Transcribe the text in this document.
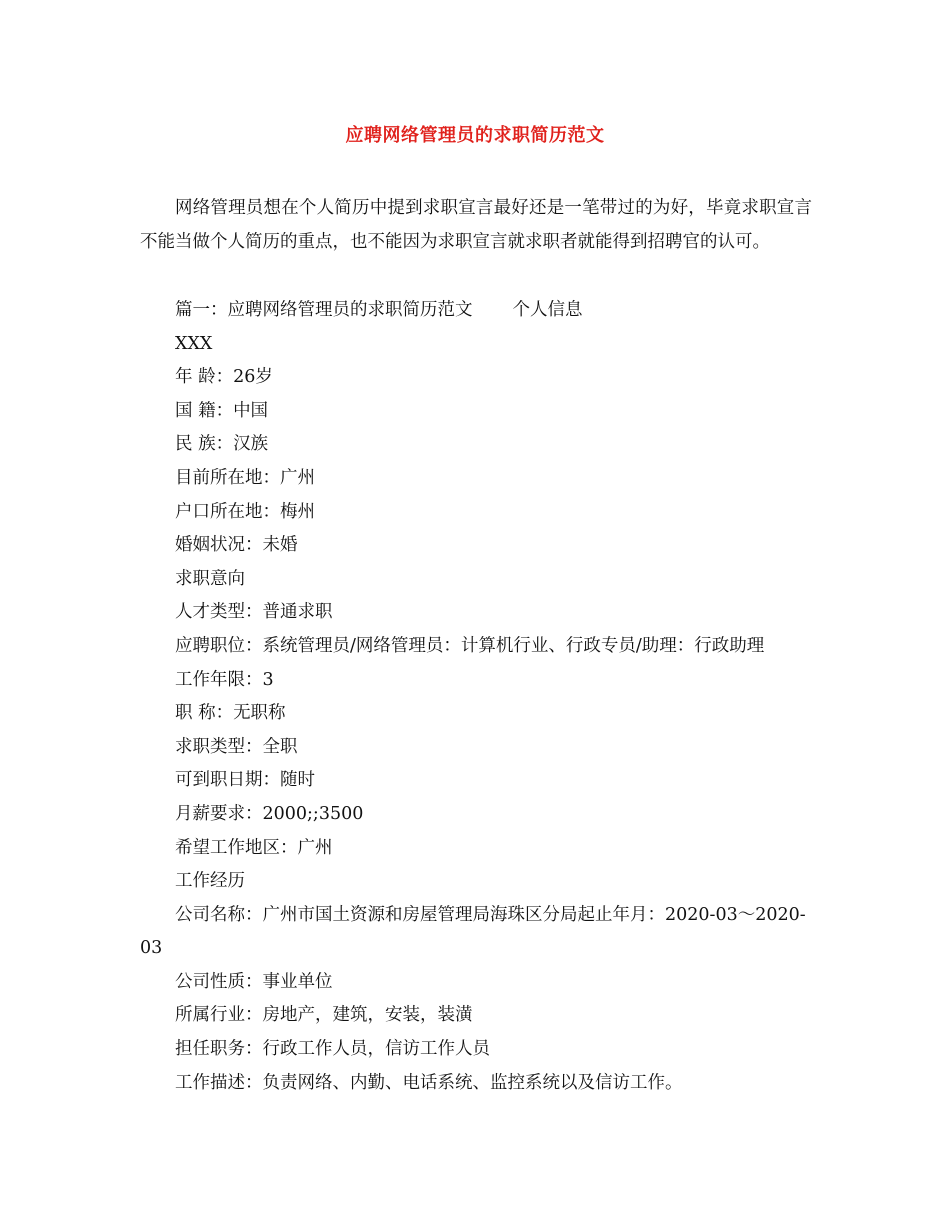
应聘网络管理员的求职简历范文

网络管理员想在个人简历中提到求职宣言最好还是一笔带过的为好，毕竟求职宣言不能当做个人简历的重点，也不能因为求职宣言就求职者就能得到招聘官的认可。

篇一：应聘网络管理员的求职简历范文 个人信息
XXX
年 龄：26岁
国 籍：中国
民 族：汉族
目前所在地：广州
户口所在地：梅州
婚姻状况：未婚
求职意向
人才类型：普通求职
应聘职位：系统管理员/网络管理员：计算机行业、行政专员/助理：行政助理
工作年限：3
职 称：无职称
求职类型：全职
可到职日期：随时
月薪要求：2000;;3500
希望工作地区：广州
工作经历
公司名称：广州市国土资源和房屋管理局海珠区分局起止年月：2020-03～2020-03
公司性质：事业单位
所属行业：房地产，建筑，安装，装潢
担任职务：行政工作人员，信访工作人员
工作描述：负责网络、内勤、电话系统、监控系统以及信访工作。
